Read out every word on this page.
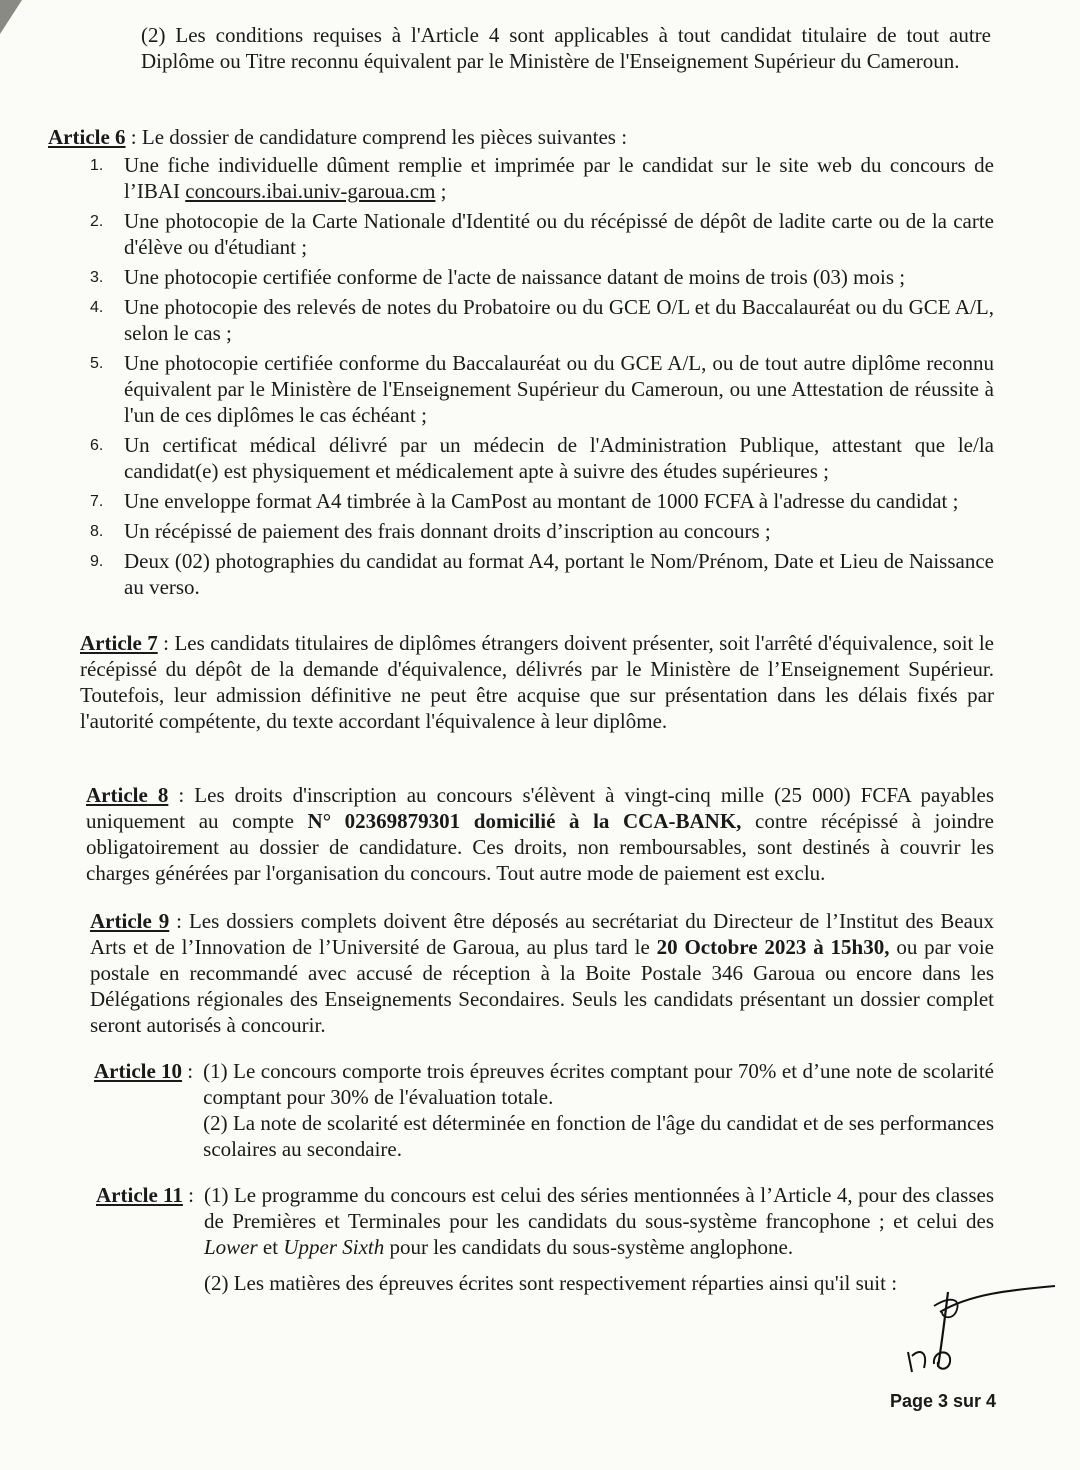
(2) Les conditions requises à l'Article 4 sont applicables à tout candidat titulaire de tout autre Diplôme ou Titre reconnu équivalent par le Ministère de l'Enseignement Supérieur du Cameroun.
Article 6 : Le dossier de candidature comprend les pièces suivantes :
1. Une fiche individuelle dûment remplie et imprimée par le candidat sur le site web du concours de l’IBAI concours.ibai.univ-garoua.cm ;
2. Une photocopie de la Carte Nationale d'Identité ou du récépissé de dépôt de ladite carte ou de la carte d'élève ou d'étudiant ;
3. Une photocopie certifiée conforme de l'acte de naissance datant de moins de trois (03) mois ;
4. Une photocopie des relevés de notes du Probatoire ou du GCE O/L et du Baccalauréat ou du GCE A/L, selon le cas ;
5. Une photocopie certifiée conforme du Baccalauréat ou du GCE A/L, ou de tout autre diplôme reconnu équivalent par le Ministère de l'Enseignement Supérieur du Cameroun, ou une Attestation de réussite à l'un de ces diplômes le cas échéant ;
6. Un certificat médical délivré par un médecin de l'Administration Publique, attestant que le/la candidat(e) est physiquement et médicalement apte à suivre des études supérieures ;
7. Une enveloppe format A4 timbrée à la CamPost au montant de 1000 FCFA à l'adresse du candidat ;
8. Un récépissé de paiement des frais donnant droits d’inscription au concours ;
9. Deux (02) photographies du candidat au format A4, portant le Nom/Prénom, Date et Lieu de Naissance au verso.
Article 7 : Les candidats titulaires de diplômes étrangers doivent présenter, soit l'arrêté d'équivalence, soit le récépissé du dépôt de la demande d'équivalence, délivrés par le Ministère de l’Enseignement Supérieur. Toutefois, leur admission définitive ne peut être acquise que sur présentation dans les délais fixés par l'autorité compétente, du texte accordant l'équivalence à leur diplôme.
Article 8 : Les droits d'inscription au concours s'élèvent à vingt-cinq mille (25 000) FCFA payables uniquement au compte N° 02369879301 domicilié à la CCA-BANK, contre récépissé à joindre obligatoirement au dossier de candidature. Ces droits, non remboursables, sont destinés à couvrir les charges générées par l'organisation du concours. Tout autre mode de paiement est exclu.
Article 9 : Les dossiers complets doivent être déposés au secrétariat du Directeur de l’Institut des Beaux Arts et de l’Innovation de l’Université de Garoua, au plus tard le 20 Octobre 2023 à 15h30, ou par voie postale en recommandé avec accusé de réception à la Boite Postale 346 Garoua ou encore dans les Délégations régionales des Enseignements Secondaires. Seuls les candidats présentant un dossier complet seront autorisés à concourir.
Article 10 : (1) Le concours comporte trois épreuves écrites comptant pour 70% et d’une note de scolarité comptant pour 30% de l'évaluation totale.
(2) La note de scolarité est déterminée en fonction de l'âge du candidat et de ses performances scolaires au secondaire.
Article 11 : (1) Le programme du concours est celui des séries mentionnées à l’Article 4, pour des classes de Premières et Terminales pour les candidats du sous-système francophone ; et celui des Lower et Upper Sixth pour les candidats du sous-système anglophone.
(2) Les matières des épreuves écrites sont respectivement réparties ainsi qu'il suit :
Page 3 sur 4
